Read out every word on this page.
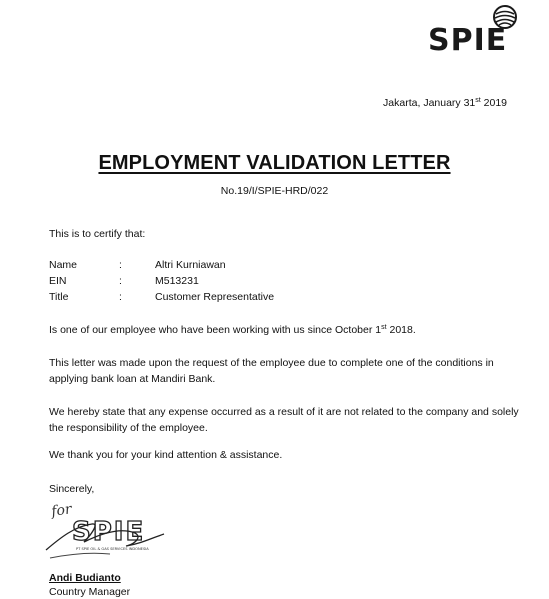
SPIE
Jakarta, January 31st 2019
EMPLOYMENT VALIDATION LETTER
No.19/I/SPIE-HRD/022
This is to certify that:
Name	:	Altri Kurniawan
EIN	:	M513231
Title	:	Customer Representative
Is one of our employee who have been working with us since October 1st 2018.
This letter was made upon the request of the employee due to complete one of the conditions in applying bank loan at Mandiri Bank.
We hereby state that any expense occurred as a result of it are not related to the company and solely the responsibility of the employee.
We thank you for your kind attention & assistance.
Sincerely,
for
SPIE
PT SPIE OIL & GAS SERVICES INDONESIA
Andi Budianto
Country Manager
